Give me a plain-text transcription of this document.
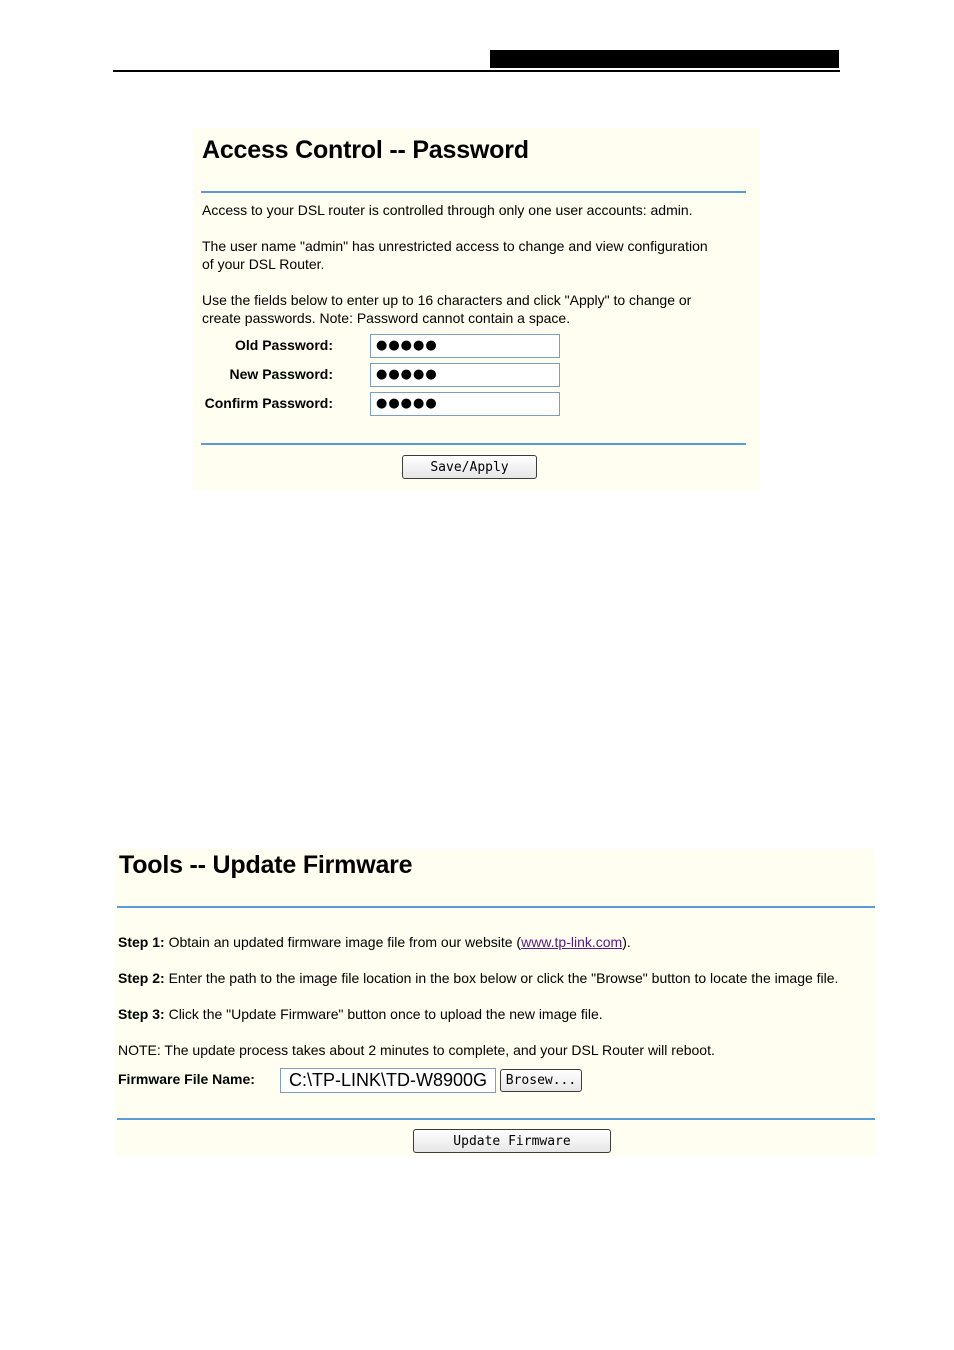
Access Control -- Password
Access to your DSL router is controlled through only one user accounts: admin.
The user name "admin" has unrestricted access to change and view configuration
of your DSL Router.
Use the fields below to enter up to 16 characters and click "Apply" to change or
create passwords. Note: Password cannot contain a space.
Old Password:	●●●●●
New Password:	●●●●●
Confirm Password:	●●●●●
Save/Apply
Tools -- Update Firmware
Step 1: Obtain an updated firmware image file from our website (www.tp-link.com).
Step 2: Enter the path to the image file location in the box below or click the "Browse" button to locate the image file.
Step 3: Click the "Update Firmware" button once to upload the new image file.
NOTE: The update process takes about 2 minutes to complete, and your DSL Router will reboot.
Firmware File Name:	C:\TP-LINK\TD-W8900G	Brosew...
Update Firmware
